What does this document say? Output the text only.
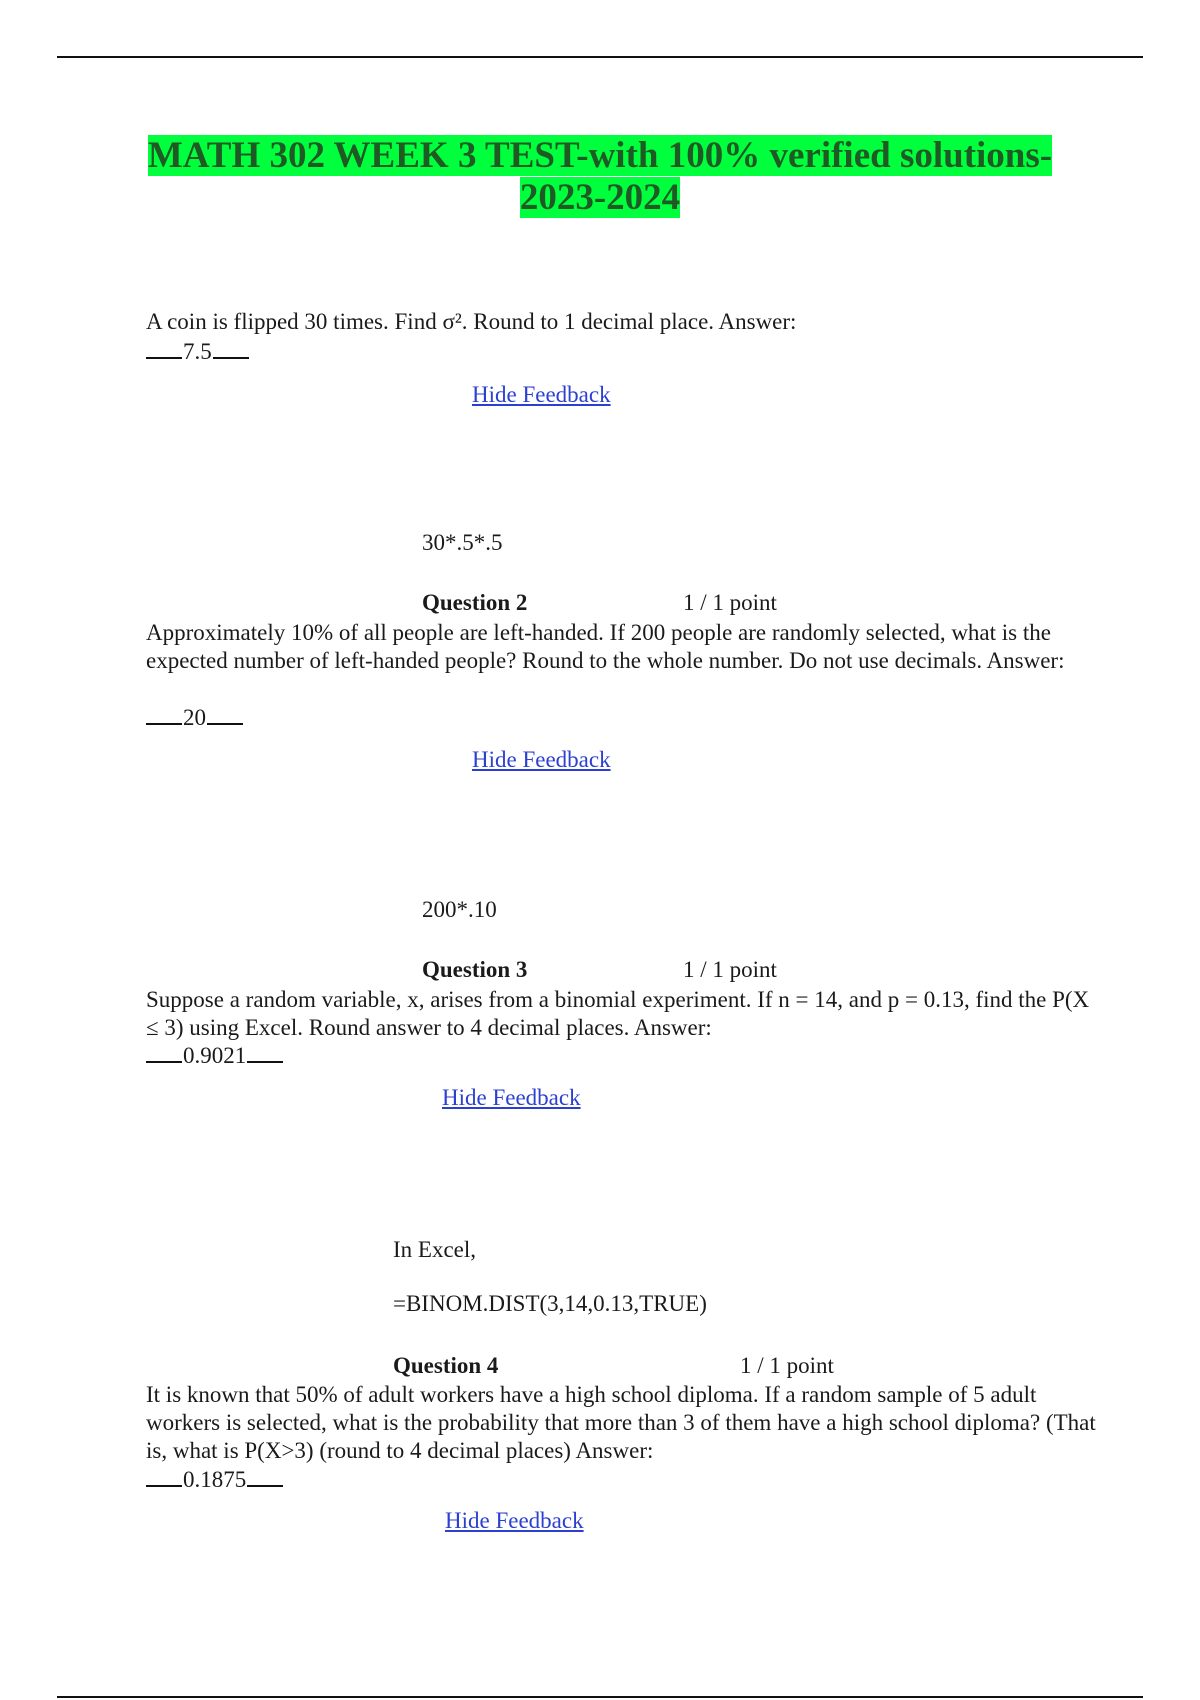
MATH 302 WEEK 3 TEST-with 100% verified solutions-
2023-2024
A coin is flipped 30 times. Find σ². Round to 1 decimal place. Answer:
7.5
Hide Feedback
30*.5*.5
Question 2	1 / 1 point
Approximately 10% of all people are left-handed. If 200 people are randomly selected, what is the expected number of left-handed people? Round to the whole number. Do not use decimals. Answer:
20
Hide Feedback
200*.10
Question 3	1 / 1 point
Suppose a random variable, x, arises from a binomial experiment. If n = 14, and p = 0.13, find the P(X ≤ 3) using Excel. Round answer to 4 decimal places. Answer:
0.9021
Hide Feedback
In Excel,
=BINOM.DIST(3,14,0.13,TRUE)
Question 4	1 / 1 point
It is known that 50% of adult workers have a high school diploma. If a random sample of 5 adult workers is selected, what is the probability that more than 3 of them have a high school diploma? (That is, what is P(X>3) (round to 4 decimal places) Answer:
0.1875
Hide Feedback
